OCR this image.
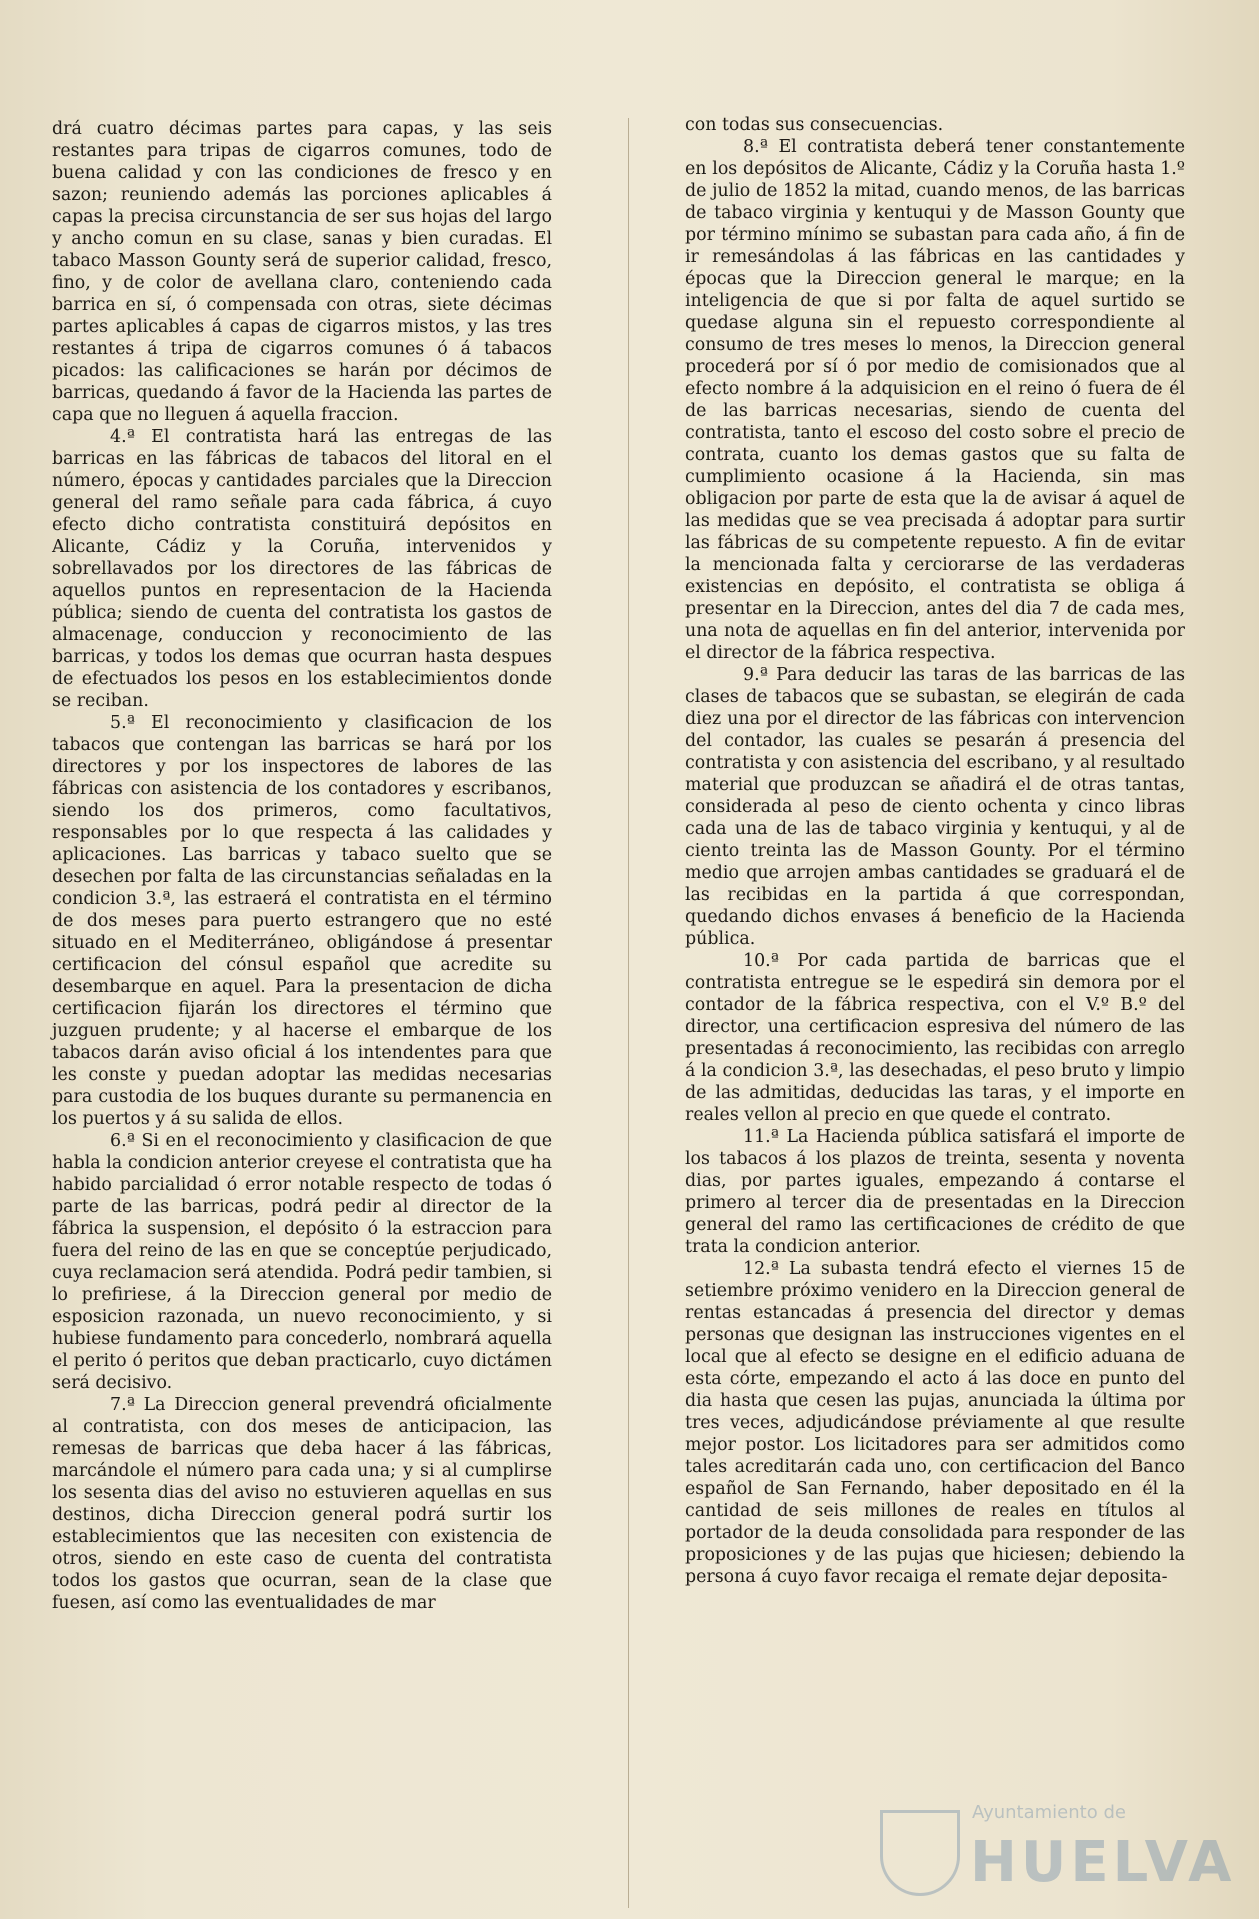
drá cuatro décimas partes para capas, y las seis restantes para tripas de cigarros comunes, todo de buena calidad y con las condiciones de fresco y en sazon; reuniendo además las porciones aplicables á capas la precisa circunstancia de ser sus hojas del largo y ancho comun en su clase, sanas y bien curadas. El tabaco Masson Gounty será de superior calidad, fresco, fino, y de color de avellana claro, conteniendo cada barrica en sí, ó compensada con otras, siete décimas partes aplicables á capas de cigarros mistos, y las tres restantes á tripa de cigarros comunes ó á tabacos picados: las calificaciones se harán por décimos de barricas, quedando á favor de la Hacienda las partes de capa que no lleguen á aquella fraccion.

4.ª El contratista hará las entregas de las barricas en las fábricas de tabacos del litoral en el número, épocas y cantidades parciales que la Direccion general del ramo señale para cada fábrica, á cuyo efecto dicho contratista constituirá depósitos en Alicante, Cádiz y la Coruña, intervenidos y sobrellavados por los directores de las fábricas de aquellos puntos en representacion de la Hacienda pública; siendo de cuenta del contratista los gastos de almacenage, conduccion y reconocimiento de las barricas, y todos los demas que ocurran hasta despues de efectuados los pesos en los establecimientos donde se reciban.

5.ª El reconocimiento y clasificacion de los tabacos que contengan las barricas se hará por los directores y por los inspectores de labores de las fábricas con asistencia de los contadores y escribanos, siendo los dos primeros, como facultativos, responsables por lo que respecta á las calidades y aplicaciones. Las barricas y tabaco suelto que se desechen por falta de las circunstancias señaladas en la condicion 3.ª, las estraerá el contratista en el término de dos meses para puerto estrangero que no esté situado en el Mediterráneo, obligándose á presentar certificacion del cónsul español que acredite su desembarque en aquel. Para la presentacion de dicha certificacion fijarán los directores el término que juzguen prudente; y al hacerse el embarque de los tabacos darán aviso oficial á los intendentes para que les conste y puedan adoptar las medidas necesarias para custodia de los buques durante su permanencia en los puertos y á su salida de ellos.

6.ª Si en el reconocimiento y clasificacion de que habla la condicion anterior creyese el contratista que ha habido parcialidad ó error notable respecto de todas ó parte de las barricas, podrá pedir al director de la fábrica la suspension, el depósito ó la estraccion para fuera del reino de las en que se conceptúe perjudicado, cuya reclamacion será atendida. Podrá pedir tambien, si lo prefiriese, á la Direccion general por medio de esposicion razonada, un nuevo reconocimiento, y si hubiese fundamento para concederlo, nombrará aquella el perito ó peritos que deban practicarlo, cuyo dictámen será decisivo.

7.ª La Direccion general prevendrá oficialmente al contratista, con dos meses de anticipacion, las remesas de barricas que deba hacer á las fábricas, marcándole el número para cada una; y si al cumplirse los sesenta dias del aviso no estuvieren aquellas en sus destinos, dicha Direccion general podrá surtir los establecimientos que las necesiten con existencia de otros, siendo en este caso de cuenta del contratista todos los gastos que ocurran, sean de la clase que fuesen, así como las eventualidades de mar

con todas sus consecuencias.

8.ª El contratista deberá tener constantemente en los depósitos de Alicante, Cádiz y la Coruña hasta 1.º de julio de 1852 la mitad, cuando menos, de las barricas de tabaco virginia y kentuqui y de Masson Gounty que por término mínimo se subastan para cada año, á fin de ir remesándolas á las fábricas en las cantidades y épocas que la Direccion general le marque; en la inteligencia de que si por falta de aquel surtido se quedase alguna sin el repuesto correspondiente al consumo de tres meses lo menos, la Direccion general procederá por sí ó por medio de comisionados que al efecto nombre á la adquisicion en el reino ó fuera de él de las barricas necesarias, siendo de cuenta del contratista, tanto el escoso del costo sobre el precio de contrata, cuanto los demas gastos que su falta de cumplimiento ocasione á la Hacienda, sin mas obligacion por parte de esta que la de avisar á aquel de las medidas que se vea precisada á adoptar para surtir las fábricas de su competente repuesto. A fin de evitar la mencionada falta y cerciorarse de las verdaderas existencias en depósito, el contratista se obliga á presentar en la Direccion, antes del dia 7 de cada mes, una nota de aquellas en fin del anterior, intervenida por el director de la fábrica respectiva.

9.ª Para deducir las taras de las barricas de las clases de tabacos que se subastan, se elegirán de cada diez una por el director de las fábricas con intervencion del contador, las cuales se pesarán á presencia del contratista y con asistencia del escribano, y al resultado material que produzcan se añadirá el de otras tantas, considerada al peso de ciento ochenta y cinco libras cada una de las de tabaco virginia y kentuqui, y al de ciento treinta las de Masson Gounty. Por el término medio que arrojen ambas cantidades se graduará el de las recibidas en la partida á que correspondan, quedando dichos envases á beneficio de la Hacienda pública.

10.ª Por cada partida de barricas que el contratista entregue se le espedirá sin demora por el contador de la fábrica respectiva, con el V.º B.º del director, una certificacion espresiva del número de las presentadas á reconocimiento, las recibidas con arreglo á la condicion 3.ª, las desechadas, el peso bruto y limpio de las admitidas, deducidas las taras, y el importe en reales vellon al precio en que quede el contrato.

11.ª La Hacienda pública satisfará el importe de los tabacos á los plazos de treinta, sesenta y noventa dias, por partes iguales, empezando á contarse el primero al tercer dia de presentadas en la Direccion general del ramo las certificaciones de crédito de que trata la condicion anterior.

12.ª La subasta tendrá efecto el viernes 15 de setiembre próximo venidero en la Direccion general de rentas estancadas á presencia del director y demas personas que designan las instrucciones vigentes en el local que al efecto se designe en el edificio aduana de esta córte, empezando el acto á las doce en punto del dia hasta que cesen las pujas, anunciada la última por tres veces, adjudicándose préviamente al que resulte mejor postor. Los licitadores para ser admitidos como tales acreditarán cada uno, con certificacion del Banco español de San Fernando, haber depositado en él la cantidad de seis millones de reales en títulos al portador de la deuda consolidada para responder de las proposiciones y de las pujas que hiciesen; debiendo la persona á cuyo favor recaiga el remate dejar deposita-

Ayuntamiento de
HUELVA
